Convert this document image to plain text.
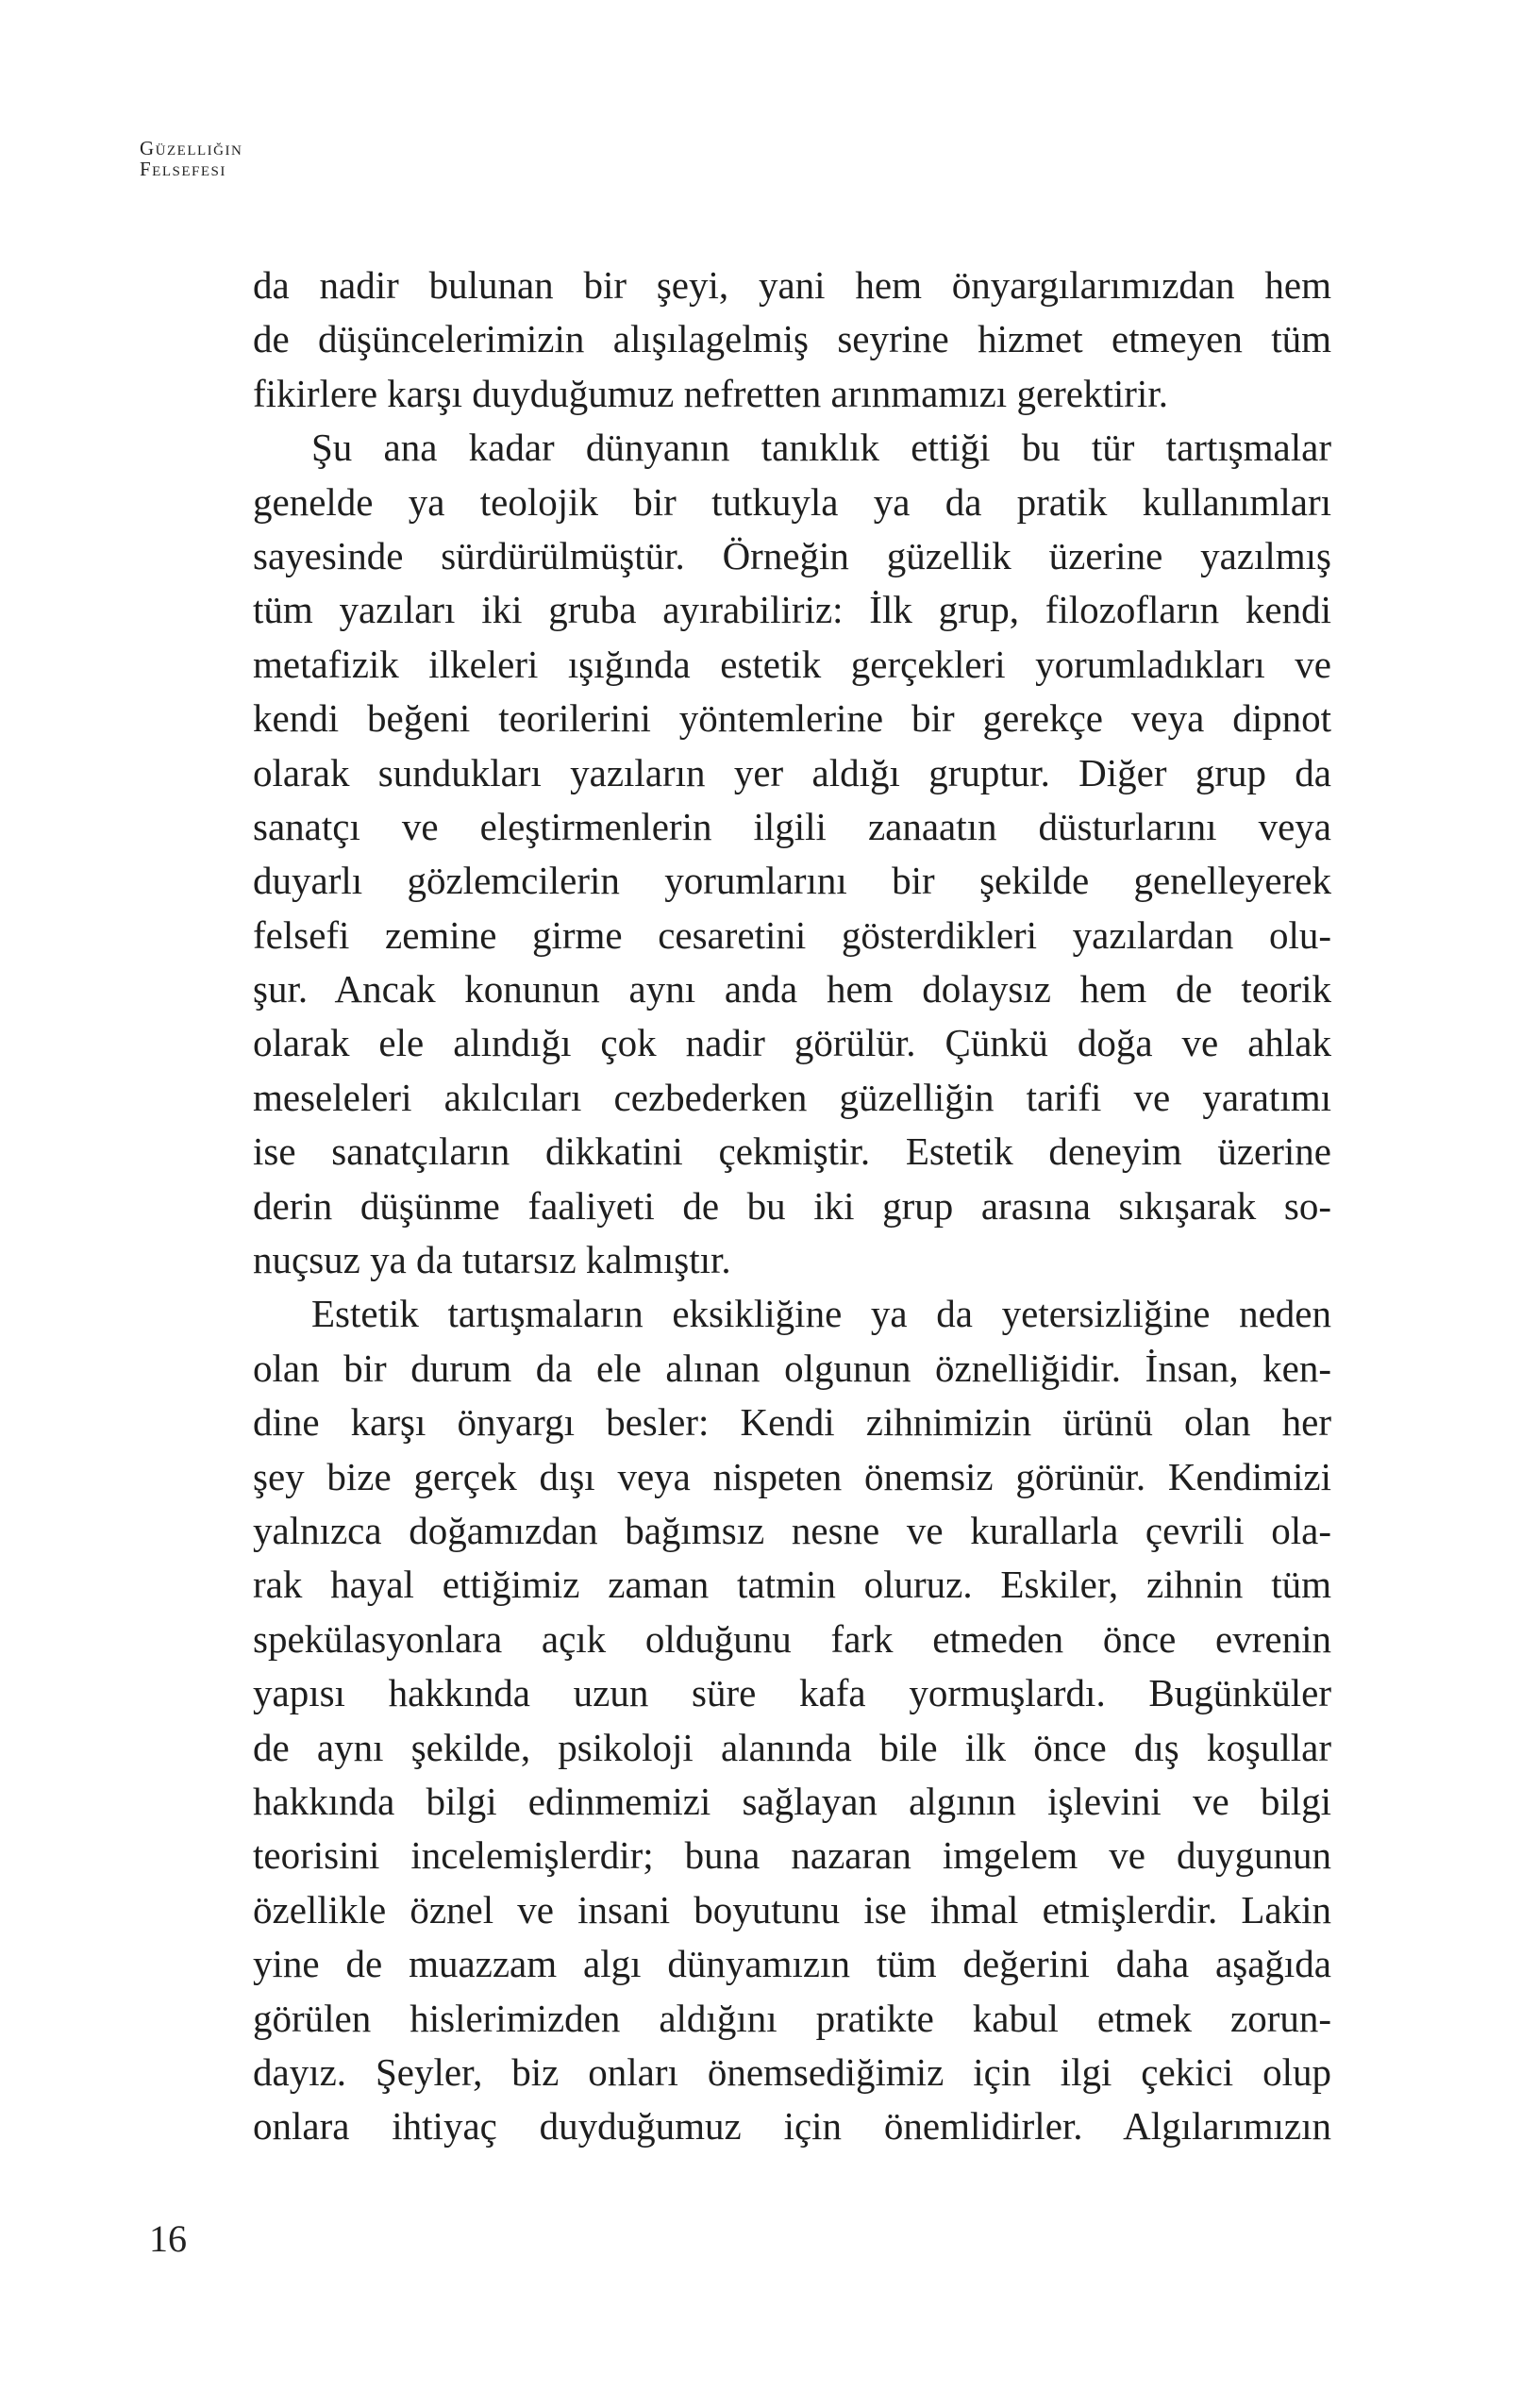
Güzelliğin
Felsefesi
da nadir bulunan bir şeyi, yani hem önyargılarımızdan hem
de düşüncelerimizin alışılagelmiş seyrine hizmet etmeyen tüm
fikirlere karşı duyduğumuz nefretten arınmamızı gerektirir.
Şu ana kadar dünyanın tanıklık ettiği bu tür tartışmalar
genelde ya teolojik bir tutkuyla ya da pratik kullanımları
sayesinde sürdürülmüştür. Örneğin güzellik üzerine yazılmış
tüm yazıları iki gruba ayırabiliriz: İlk grup, filozofların kendi
metafizik ilkeleri ışığında estetik gerçekleri yorumladıkları ve
kendi beğeni teorilerini yöntemlerine bir gerekçe veya dipnot
olarak sundukları yazıların yer aldığı gruptur. Diğer grup da
sanatçı ve eleştirmenlerin ilgili zanaatın düsturlarını veya
duyarlı gözlemcilerin yorumlarını bir şekilde genelleyerek
felsefi zemine girme cesaretini gösterdikleri yazılardan olu-
şur. Ancak konunun aynı anda hem dolaysız hem de teorik
olarak ele alındığı çok nadir görülür. Çünkü doğa ve ahlak
meseleleri akılcıları cezbederken güzelliğin tarifi ve yaratımı
ise sanatçıların dikkatini çekmiştir. Estetik deneyim üzerine
derin düşünme faaliyeti de bu iki grup arasına sıkışarak so-
nuçsuz ya da tutarsız kalmıştır.
Estetik tartışmaların eksikliğine ya da yetersizliğine neden
olan bir durum da ele alınan olgunun öznelliğidir. İnsan, ken-
dine karşı önyargı besler: Kendi zihnimizin ürünü olan her
şey bize gerçek dışı veya nispeten önemsiz görünür. Kendimizi
yalnızca doğamızdan bağımsız nesne ve kurallarla çevrili ola-
rak hayal ettiğimiz zaman tatmin oluruz. Eskiler, zihnin tüm
spekülasyonlara açık olduğunu fark etmeden önce evrenin
yapısı hakkında uzun süre kafa yormuşlardı. Bugünküler
de aynı şekilde, psikoloji alanında bile ilk önce dış koşullar
hakkında bilgi edinmemizi sağlayan algının işlevini ve bilgi
teorisini incelemişlerdir; buna nazaran imgelem ve duygunun
özellikle öznel ve insani boyutunu ise ihmal etmişlerdir. Lakin
yine de muazzam algı dünyamızın tüm değerini daha aşağıda
görülen hislerimizden aldığını pratikte kabul etmek zorun-
dayız. Şeyler, biz onları önemsediğimiz için ilgi çekici olup
onlara ihtiyaç duyduğumuz için önemlidirler. Algılarımızın
16
